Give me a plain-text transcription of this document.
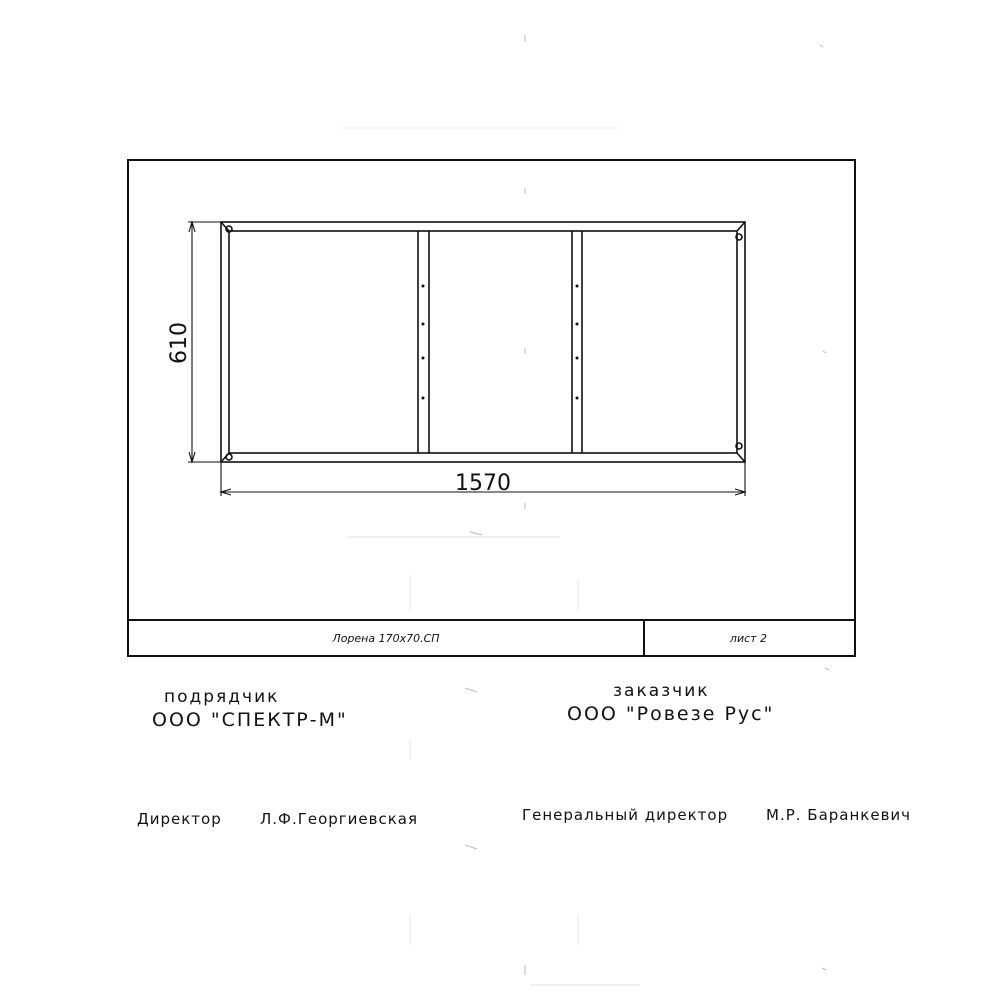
Лорена 170х70.СП	лист 2
610
1570
подрядчик
ООО "СПЕКТР-М"
Директор	Л.Ф.Георгиевская
заказчик
ООО "Ровезе Рус"
Генеральный директор	М.Р. Баранкевич
